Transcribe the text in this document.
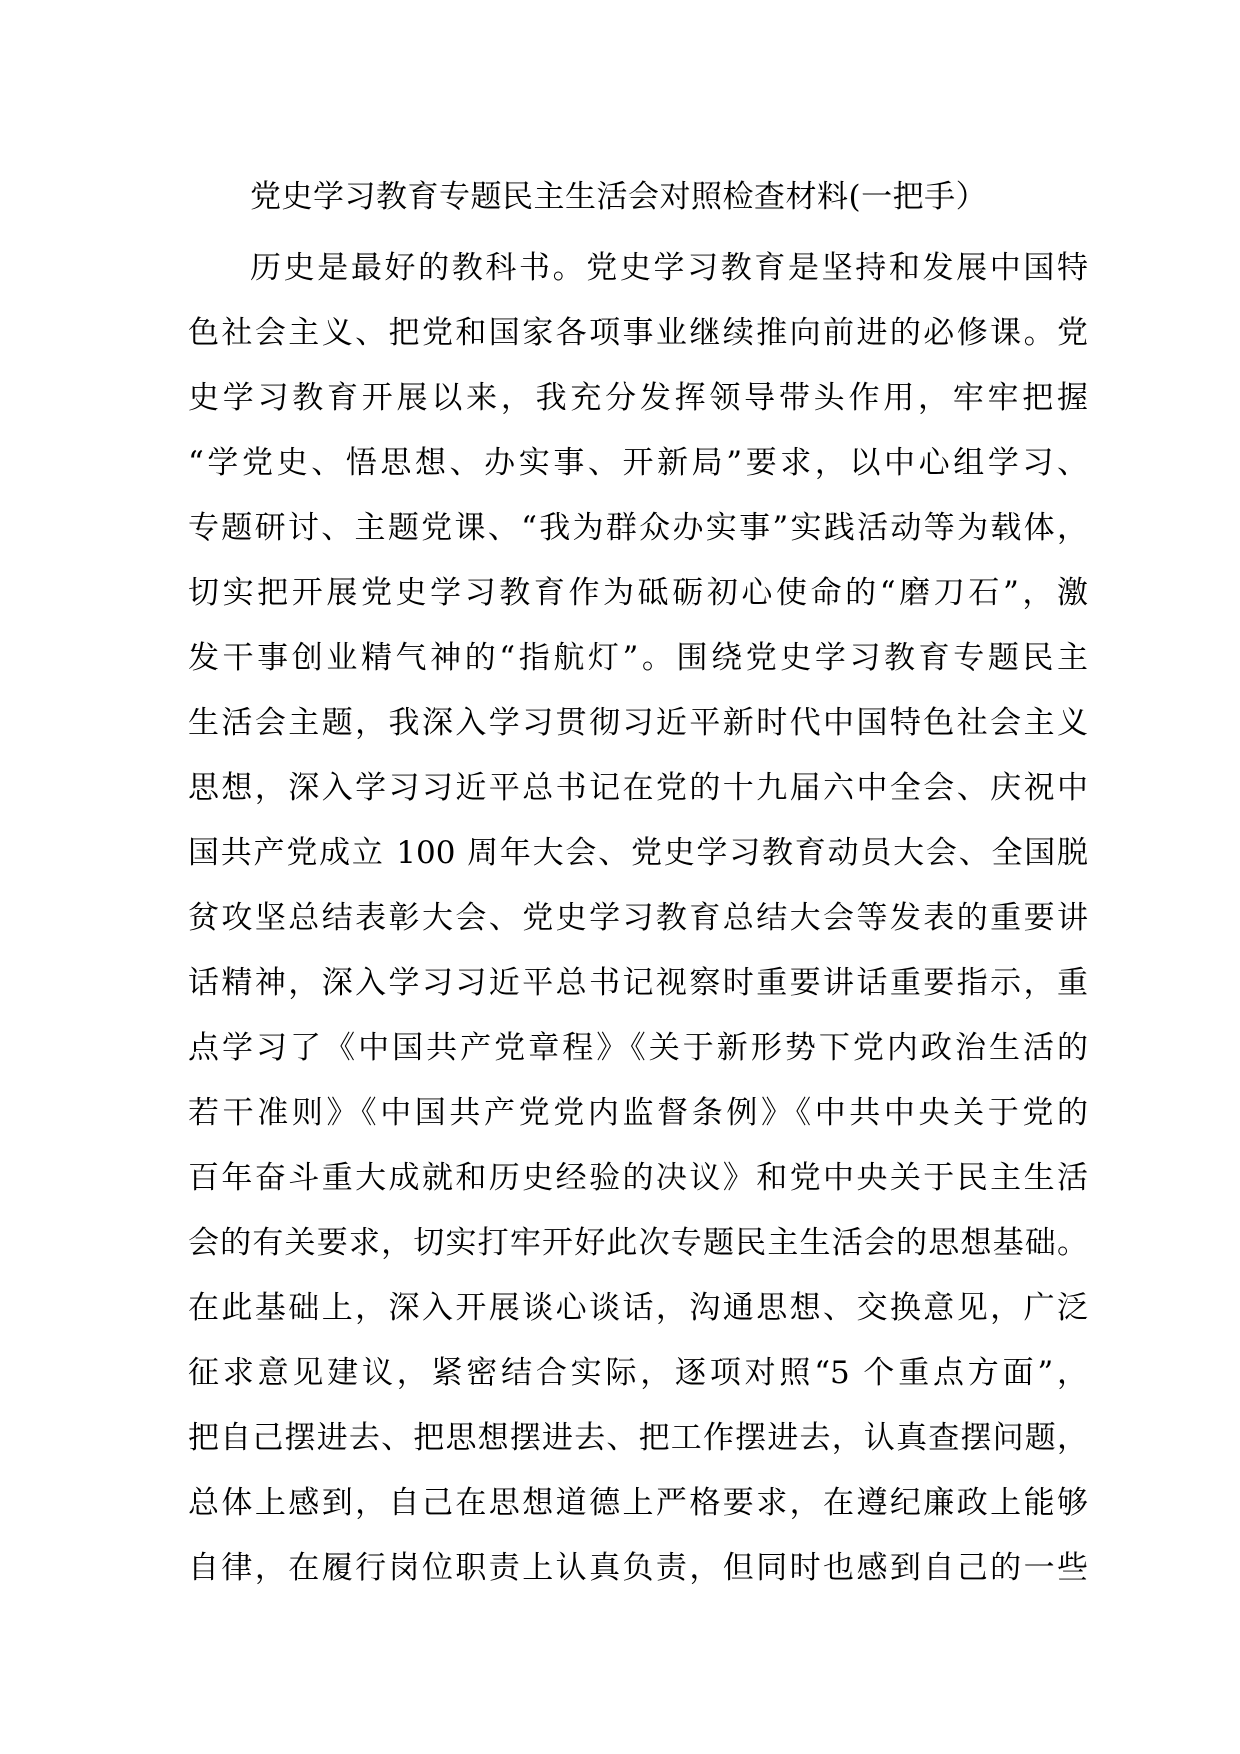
党史学习教育专题民主生活会对照检查材料(一把手）
历史是最好的教科书。党史学习教育是坚持和发展中国特
色社会主义、把党和国家各项事业继续推向前进的必修课。党
史学习教育开展以来，我充分发挥领导带头作用，牢牢把握
“学党史、悟思想、办实事、开新局”要求，以中心组学习、
专题研讨、主题党课、“我为群众办实事”实践活动等为载体，
切实把开展党史学习教育作为砥砺初心使命的“磨刀石”，激
发干事创业精气神的“指航灯”。围绕党史学习教育专题民主
生活会主题，我深入学习贯彻习近平新时代中国特色社会主义
思想，深入学习习近平总书记在党的十九届六中全会、庆祝中
国共产党成立 100 周年大会、党史学习教育动员大会、全国脱
贫攻坚总结表彰大会、党史学习教育总结大会等发表的重要讲
话精神，深入学习习近平总书记视察时重要讲话重要指示，重
点学习了《中国共产党章程》《关于新形势下党内政治生活的
若干准则》《中国共产党党内监督条例》《中共中央关于党的
百年奋斗重大成就和历史经验的决议》和党中央关于民主生活
会的有关要求，切实打牢开好此次专题民主生活会的思想基础。
在此基础上，深入开展谈心谈话，沟通思想、交换意见，广泛
征求意见建议，紧密结合实际，逐项对照“5 个重点方面”，
把自己摆进去、把思想摆进去、把工作摆进去，认真查摆问题，
总体上感到，自己在思想道德上严格要求，在遵纪廉政上能够
自律，在履行岗位职责上认真负责，但同时也感到自己的一些
